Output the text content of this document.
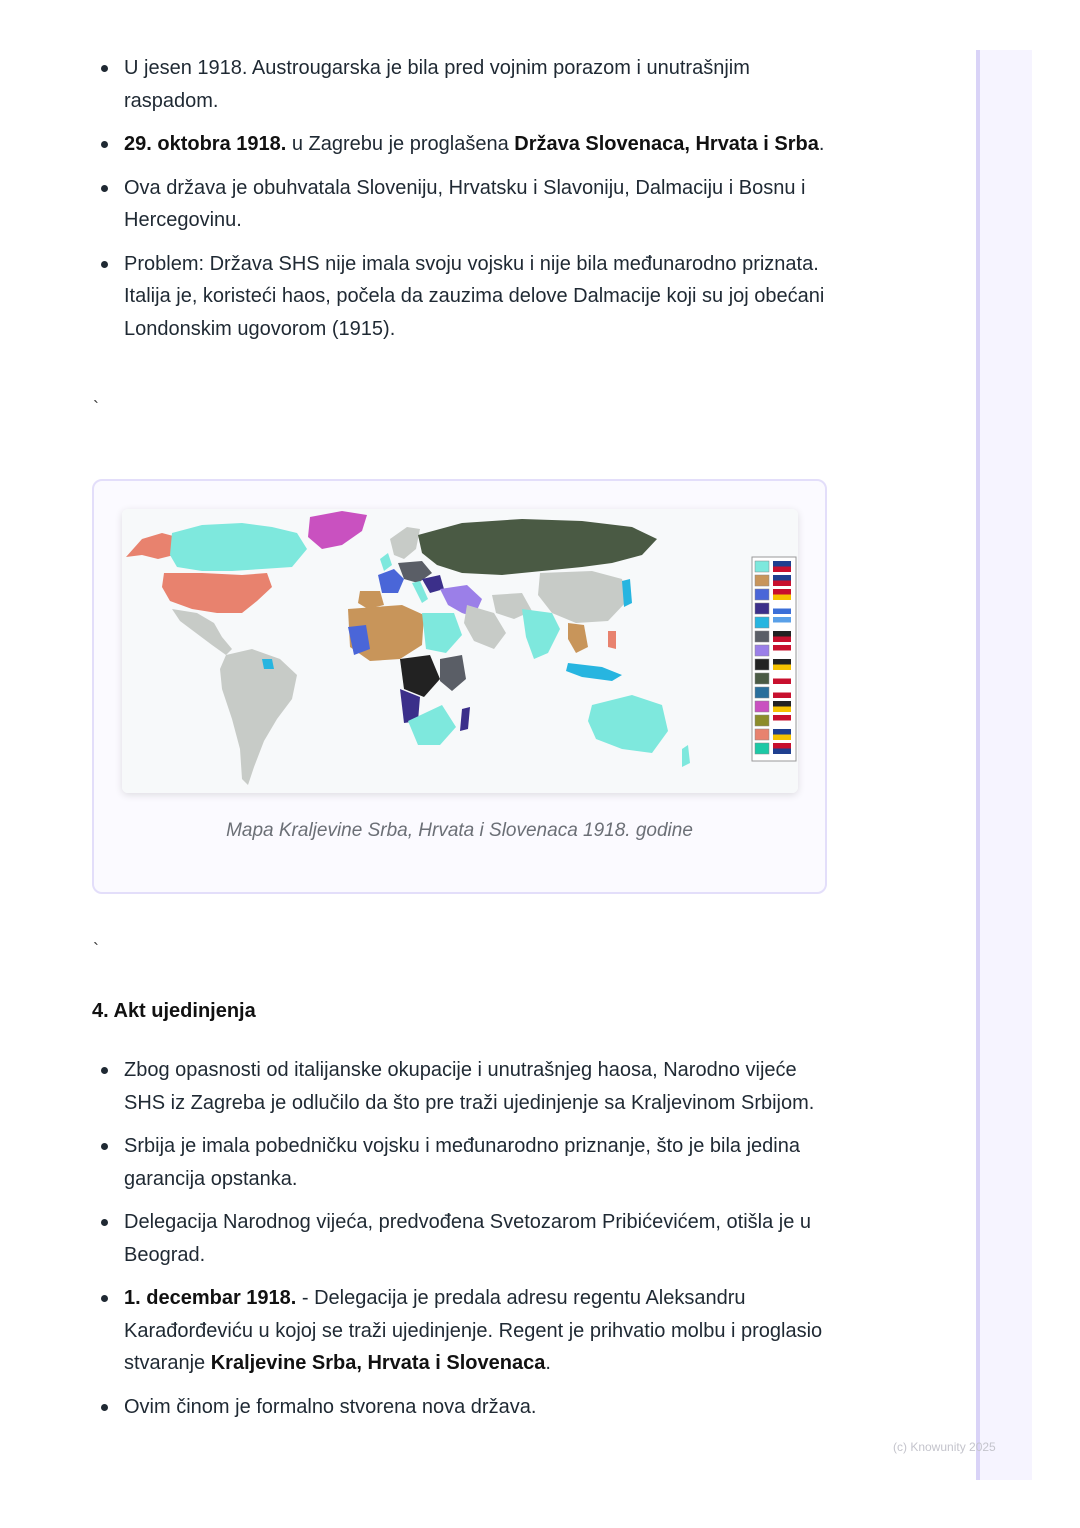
(c) Knowunity 2025
U jesen 1918. Austrougarska je bila pred vojnim porazom i unutrašnjim raspadom.
29. oktobra 1918. u Zagrebu je proglašena Država Slovenaca, Hrvata i Srba.
Ova država je obuhvatala Sloveniju, Hrvatsku i Slavoniju, Dalmaciju i Bosnu i Hercegovinu.
Problem: Država SHS nije imala svoju vojsku i nije bila međunarodno priznata. Italija je, koristeći haos, počela da zauzima delove Dalmacije koji su joj obećani Londonskim ugovorom (1915).
`
Mapa Kraljevine Srba, Hrvata i Slovenaca 1918. godine
`
4. Akt ujedinjenja
Zbog opasnosti od italijanske okupacije i unutrašnjeg haosa, Narodno vijeće SHS iz Zagreba je odlučilo da što pre traži ujedinjenje sa Kraljevinom Srbijom.
Srbija je imala pobedničku vojsku i međunarodno priznanje, što je bila jedina garancija opstanka.
Delegacija Narodnog vijeća, predvođena Svetozarom Pribićevićem, otišla je u Beograd.
1. decembar 1918. - Delegacija je predala adresu regentu Aleksandru Karađorđeviću u kojoj se traži ujedinjenje. Regent je prihvatio molbu i proglasio stvaranje Kraljevine Srba, Hrvata i Slovenaca.
Ovim činom je formalno stvorena nova država.
